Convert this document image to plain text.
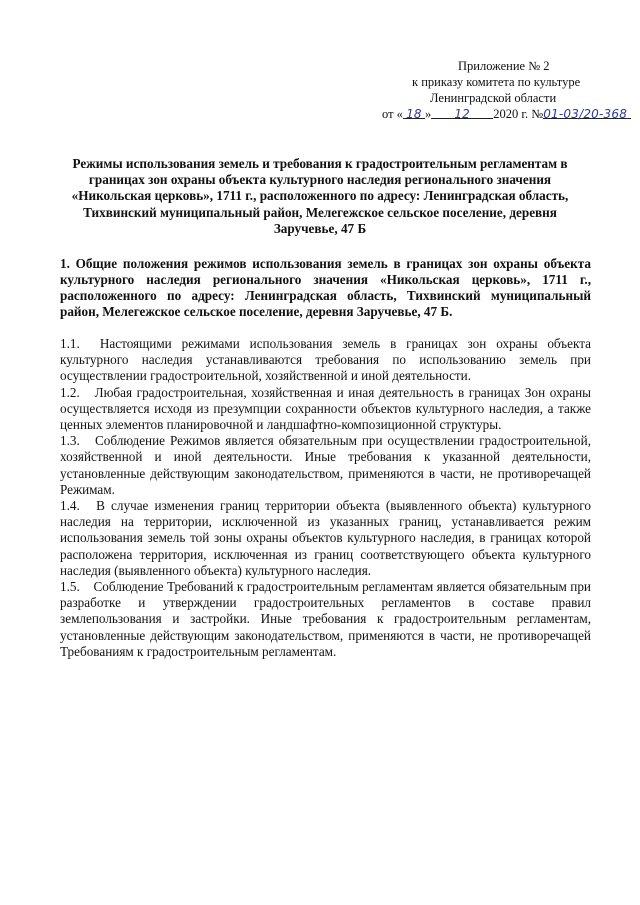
Приложение № 2
к приказу комитета по культуре
Ленинградской области
от « 18 » 12 2020 г. №01-03/20-368
Режимы использования земель и требования к градостроительным регламентам в границах зон охраны объекта культурного наследия регионального значения «Никольская церковь», 1711 г., расположенного по адресу: Ленинградская область, Тихвинский муниципальный район, Мелегежское сельское поселение, деревня Заручевье, 47 Б
1. Общие положения режимов использования земель в границах зон охраны объекта культурного наследия регионального значения «Никольская церковь», 1711 г., расположенного по адресу: Ленинградская область, Тихвинский муниципальный район, Мелегежское сельское поселение, деревня Заручевье, 47 Б.

1.1. Настоящими режимами использования земель в границах зон охраны объекта культурного наследия устанавливаются требования по использованию земель при осуществлении градостроительной, хозяйственной и иной деятельности.

1.2. Любая градостроительная, хозяйственная и иная деятельность в границах Зон охраны осуществляется исходя из презумпции сохранности объектов культурного наследия, а также ценных элементов планировочной и ландшафтно-композиционной структуры.

1.3. Соблюдение Режимов является обязательным при осуществлении градостроительной, хозяйственной и иной деятельности. Иные требования к указанной деятельности, установленные действующим законодательством, применяются в части, не противоречащей Режимам.

1.4. В случае изменения границ территории объекта (выявленного объекта) культурного наследия на территории, исключенной из указанных границ, устанавливается режим использования земель той зоны охраны объектов культурного наследия, в границах которой расположена территория, исключенная из границ соответствующего объекта культурного наследия (выявленного объекта) культурного наследия.

1.5. Соблюдение Требований к градостроительным регламентам является обязательным при разработке и утверждении градостроительных регламентов в составе правил землепользования и застройки. Иные требования к градостроительным регламентам, установленные действующим законодательством, применяются в части, не противоречащей Требованиям к градостроительным регламентам.
